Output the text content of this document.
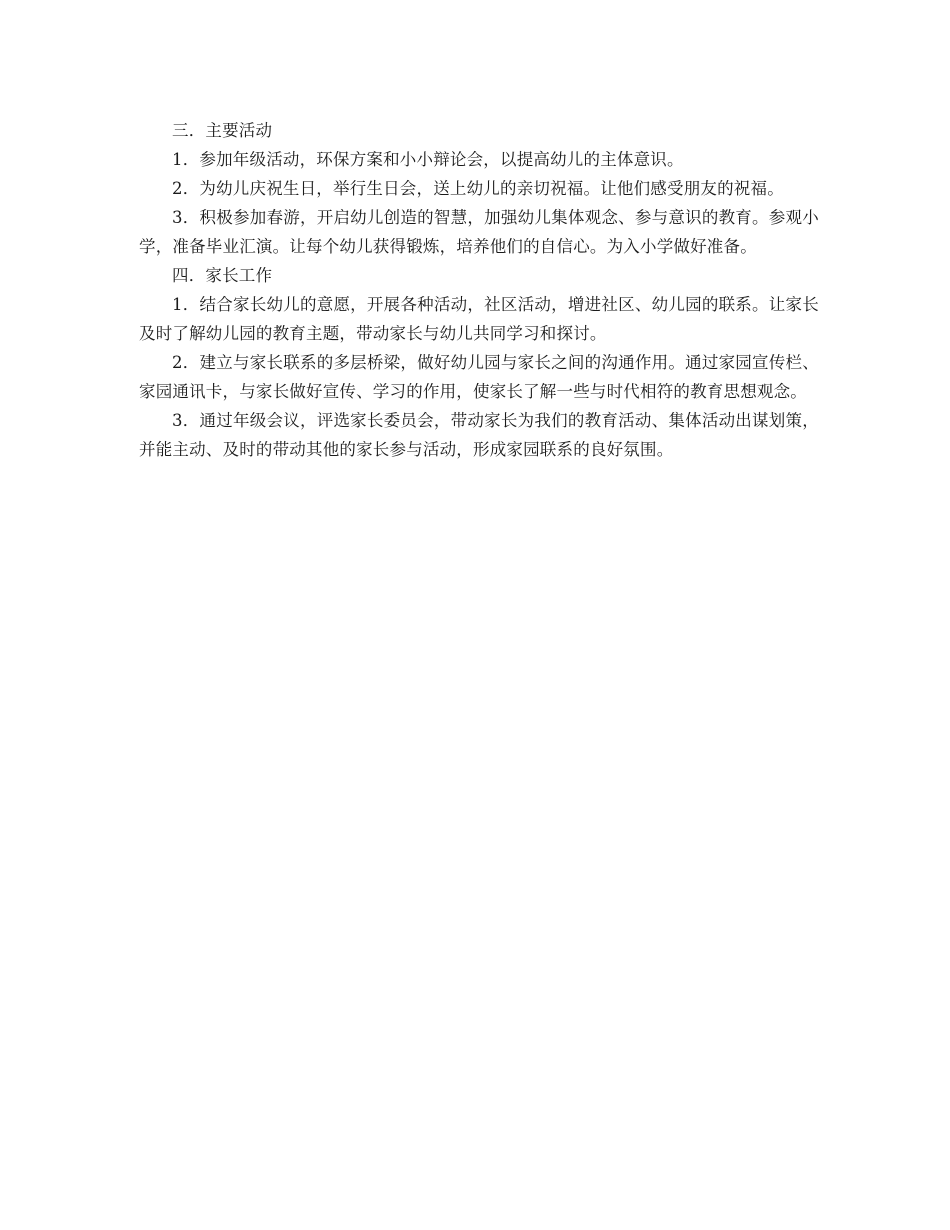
三．主要活动

1．参加年级活动，环保方案和小小辩论会，以提高幼儿的主体意识。

2．为幼儿庆祝生日，举行生日会，送上幼儿的亲切祝福。让他们感受朋友的祝福。

3．积极参加春游，开启幼儿创造的智慧，加强幼儿集体观念、参与意识的教育。参观小学，准备毕业汇演。让每个幼儿获得锻炼，培养他们的自信心。为入小学做好准备。

四．家长工作

1．结合家长幼儿的意愿，开展各种活动，社区活动，增进社区、幼儿园的联系。让家长及时了解幼儿园的教育主题，带动家长与幼儿共同学习和探讨。

2．建立与家长联系的多层桥梁，做好幼儿园与家长之间的沟通作用。通过家园宣传栏、家园通讯卡，与家长做好宣传、学习的作用，使家长了解一些与时代相符的教育思想观念。

3．通过年级会议，评选家长委员会，带动家长为我们的教育活动、集体活动出谋划策，并能主动、及时的带动其他的家长参与活动，形成家园联系的良好氛围。
